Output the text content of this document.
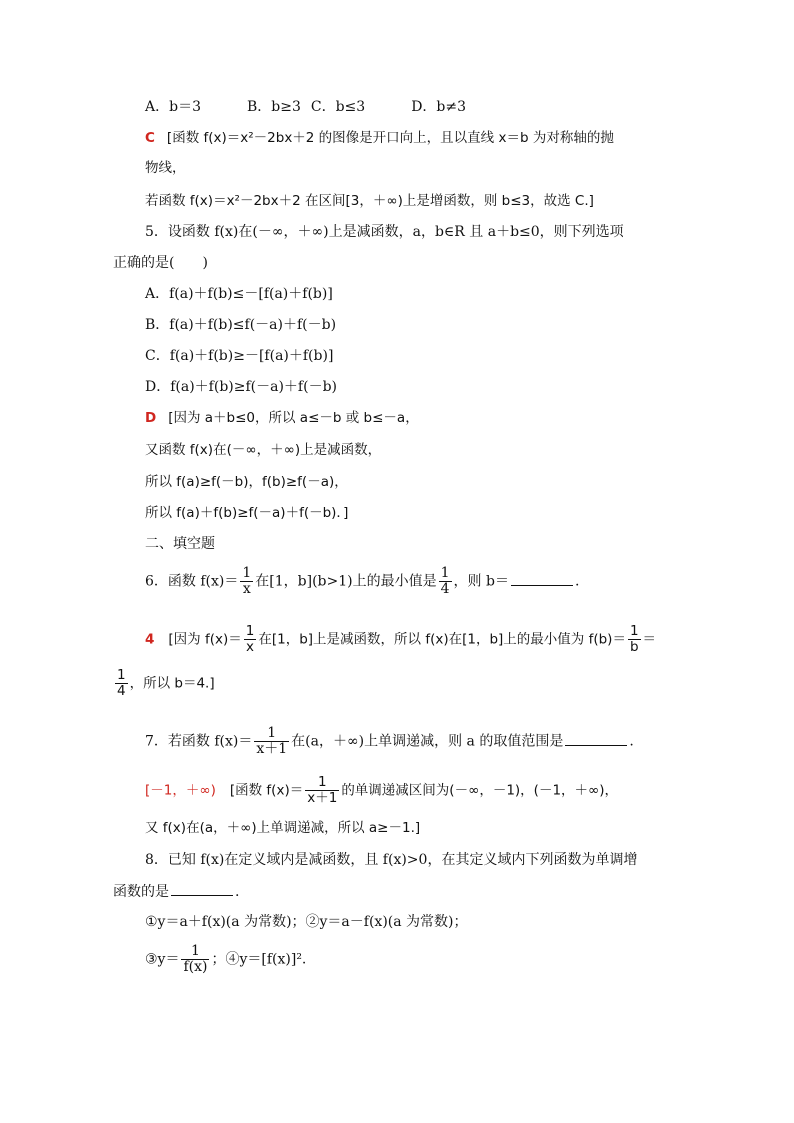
A．b＝3	B．b≥3 C．b≤3	D．b≠3
C [函数 f(x)＝x²－2bx＋2 的图像是开口向上，且以直线 x＝b 为对称轴的抛
物线，
若函数 f(x)＝x²－2bx＋2 在区间[3，＋∞)上是增函数，则 b≤3，故选 C.]
5．设函数 f(x)在(－∞，＋∞)上是减函数，a，b∈R 且 a＋b≤0，则下列选项
正确的是(　　)
A．f(a)＋f(b)≤－[f(a)＋f(b)]
B．f(a)＋f(b)≤f(－a)＋f(－b)
C．f(a)＋f(b)≥－[f(a)＋f(b)]
D．f(a)＋f(b)≥f(－a)＋f(－b)
D [因为 a＋b≤0，所以 a≤－b 或 b≤－a，
又函数 f(x)在(－∞，＋∞)上是减函数，
所以 f(a)≥f(－b)，f(b)≥f(－a)，
所以 f(a)＋f(b)≥f(－a)＋f(－b)．]
二、填空题
6．函数 $f(x)= \frac{1}{x}$ 在[1，b](b>1)上的最小值是 $\frac{1}{4}$ ，则 b＝	.
4 [因为 $f(x)= \frac{1}{x}$ 在[1，b]上是减函数，所以 f(x)在[1，b]上的最小值为 $f(b)= \frac{1}{b}$ ＝
$\frac{1}{4}$ ，所以 b＝4.]
7．若函数 $f(x)= \frac{1}{x+1}$ 在(a，＋∞)上单调递减，则 a 的取值范围是	.
[－1，＋∞) [函数 $f(x)= \frac{1}{x+1}$ 的单调递减区间为(－∞，－1)，(－1，＋∞)，
又 f(x)在(a，＋∞)上单调递减，所以 a≥－1.]
8．已知 f(x)在定义域内是减函数，且 f(x)>0，在其定义域内下列函数为单调增
函数的是	.
①y＝a＋f(x)(a 为常数)；②y＝a－f(x)(a 为常数)；
③y＝ $\frac{1}{f(x)}$ ；④y＝[f(x)]².
